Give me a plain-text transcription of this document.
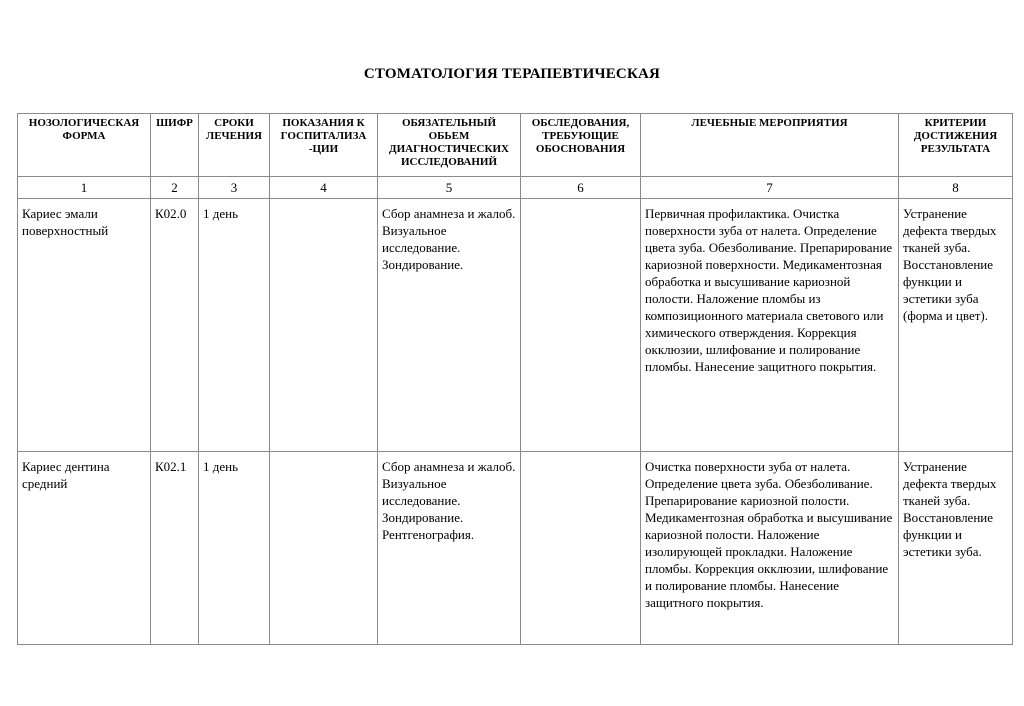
СТОМАТОЛОГИЯ ТЕРАПЕВТИЧЕСКАЯ
НОЗОЛОГИЧЕСКАЯ ФОРМА	ШИФР	СРОКИ ЛЕЧЕНИЯ	ПОКАЗАНИЯ К ГОСПИТАЛИЗА -ЦИИ	ОБЯЗАТЕЛЬНЫЙ ОБЬЕМ ДИАГНОСТИЧЕСКИХ ИССЛЕДОВАНИЙ	ОБСЛЕДОВАНИЯ, ТРЕБУЮЩИЕ ОБОСНОВАНИЯ	ЛЕЧЕБНЫЕ МЕРОПРИЯТИЯ	КРИТЕРИИ ДОСТИЖЕНИЯ РЕЗУЛЬТАТА
1	2	3	4	5	6	7	8
Кариес эмали поверхностный	К02.0	1 день		Сбор анамнеза и жалоб. Визуальное исследование. Зондирование.		Первичная профилактика. Очистка поверхности зуба от налета. Определение цвета зуба. Обезболивание. Препарирование кариозной поверхности. Медикаментозная обработка и высушивание кариозной полости. Наложение пломбы из композиционного материала светового или химического отверждения. Коррекция окклюзии, шлифование и полирование пломбы. Нанесение защитного покрытия.	Устранение дефекта твердых тканей зуба. Восстановление функции и эстетики зуба (форма и цвет).
Кариес дентина средний	К02.1	1 день		Сбор анамнеза и жалоб. Визуальное исследование. Зондирование. Рентгенография.		Очистка поверхности зуба от налета. Определение цвета зуба. Обезболивание. Препарирование кариозной полости. Медикаментозная обработка и высушивание кариозной полости. Наложение изолирующей прокладки. Наложение пломбы. Коррекция окклюзии, шлифование и полирование пломбы. Нанесение защитного покрытия.	Устранение дефекта твердых тканей зуба. Восстановление функции и эстетики зуба.
